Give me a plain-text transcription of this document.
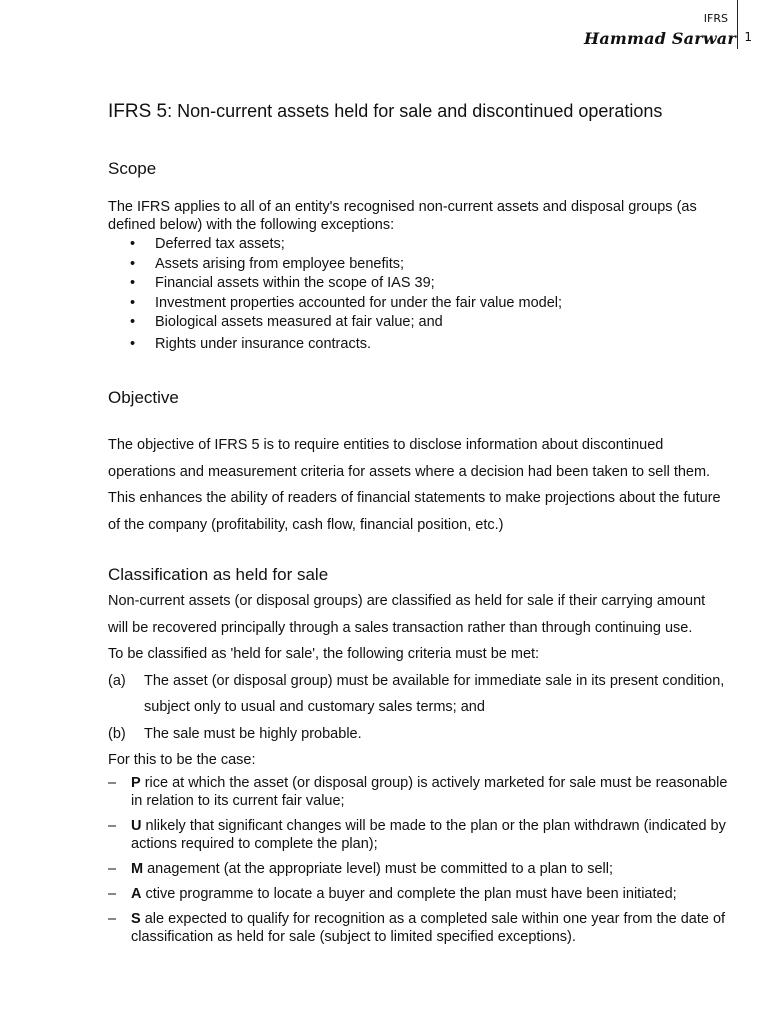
IFRS
Hammad Sarwar 1
IFRS 5: Non-current assets held for sale and discontinued operations
Scope

The IFRS applies to all of an entity's recognised non-current assets and disposal groups (as defined below) with the following exceptions:

• Deferred tax assets;
• Assets arising from employee benefits;
• Financial assets within the scope of IAS 39;
• Investment properties accounted for under the fair value model;
• Biological assets measured at fair value; and
• Rights under insurance contracts.
Objective

The objective of IFRS 5 is to require entities to disclose information about discontinued operations and measurement criteria for assets where a decision had been taken to sell them. This enhances the ability of readers of financial statements to make projections about the future of the company (profitability, cash flow, financial position, etc.)

Classification as held for sale

Non-current assets (or disposal groups) are classified as held for sale if their carrying amount will be recovered principally through a sales transaction rather than through continuing use.

To be classified as 'held for sale', the following criteria must be met:

(a) The asset (or disposal group) must be available for immediate sale in its present condition, subject only to usual and customary sales terms; and
(b) The sale must be highly probable.

For this to be the case:

– P rice at which the asset (or disposal group) is actively marketed for sale must be reasonable in relation to its current fair value;
– U nlikely that significant changes will be made to the plan or the plan withdrawn (indicated by actions required to complete the plan);
– M anagement (at the appropriate level) must be committed to a plan to sell;
– A ctive programme to locate a buyer and complete the plan must have been initiated;
– S ale expected to qualify for recognition as a completed sale within one year from the date of classification as held for sale (subject to limited specified exceptions).
